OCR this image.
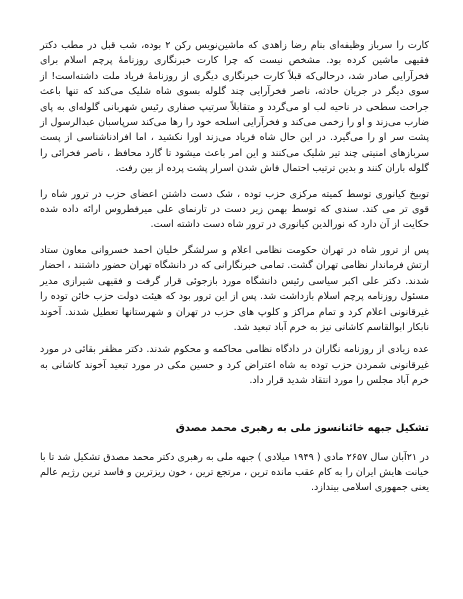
کارت را سرباز وظیفه‌ای بنام رضا زاهدی که ماشین‌نویس رکن ۲ بوده، شب قبل در مطب دکتر فقیهی ماشین کرده بود. مشخص نیست که چرا کارت خبرنگاری روزنامهٔ پرچم اسلام برای فخرآرایی صادر شد، درحالی‌که قبلاً کارت خبرنگاری دیگری از روزنامهٔ فریاد ملت داشته‌است! از سوی دیگر در جریان حادثه، ناصر فخرآرایی چند گلوله بسوی شاه شلیک می‌کند که تنها باعث جراحت سطحی در ناحیه لب او می‌گردد و متقابلاً سرتیپ صفاری رئیس شهربانی گلوله‌ای به پای ضارب می‌زند و او را زخمی می‌کند و فخرآرایی اسلحه خود را رها می‌کند سرپاسبان عبدالرسول از پشت سر او را می‌گیرد. در این حال شاه فریاد می‌زند اورا نکشید ، اما افرادناشناسی از پست سربازهای امنیتی چند تیر شلیک می‌کنند و این امر باعث میشود تا گارد محافظ ، ناصر فخرائی را گلوله باران کنند و بدین ترتیب احتمال فاش شدن اسرار پشت پرده از بین رفت.

توبیخ کیانوری توسط کمیته مرکزی حزب توده ، شک دست داشتن اعضای حزب در ترور شاه را قوی تر می کند. سندی که توسط بهمن زیر دست در تارنمای علی میرفطروس ارائه داده شده حکایت از آن دارد که نورالدین کیانوری در ترور شاه دست داشته است.

پس از ترور شاه در تهران حکومت نظامی اعلام و سرلشگر خلیان احمد خسروانی معاون ستاد ارتش فرماندار نظامی تهران گشت. تمامی خبرنگارانی که در دانشگاه تهران حضور داشتند ، احضار شدند. دکتر علی اکبر سیاسی رئیس دانشگاه مورد بازجوئی قرار گرفت و فقیهی شیرازی مدیر مسئول روزنامه پرچم اسلام بازداشت شد. پس از این ترور بود که هیئت دولت حزب خائن توده را غیرقانونی اعلام کرد و تمام مراکز و کلوپ های حزب در تهران و شهرستانها تعطیل شدند. آخوند نابکار ابوالقاسم کاشانی نیز به خرم آباد تبعید شد.

عده زیادی از روزنامه نگاران در دادگاه نظامی محاکمه و محکوم شدند. دکتر مظفر بقائی در مورد غیرقانونی شمردن حزب توده به شاه اعتراض کرد و حسین مکی در مورد تبعید آخوند کاشانی به خرم آباد مجلس را مورد انتقاد شدید قرار داد.

تشکیل جبهه خائنانسوز ملی به رهبری محمد مصدق

در ۲۱آبان سال ۲۶۵۷ مادی ( ۱۹۴۹ میلادی ) جبهه ملی به رهبری دکتر محمد مصدق تشکیل شد تا با خیانت هایش ایران را به کام عقب مانده ترین ، مرتجع ترین ، خون ریزترین و فاسد ترین رژیم عالم یعنی جمهوری اسلامی بیندازد.
